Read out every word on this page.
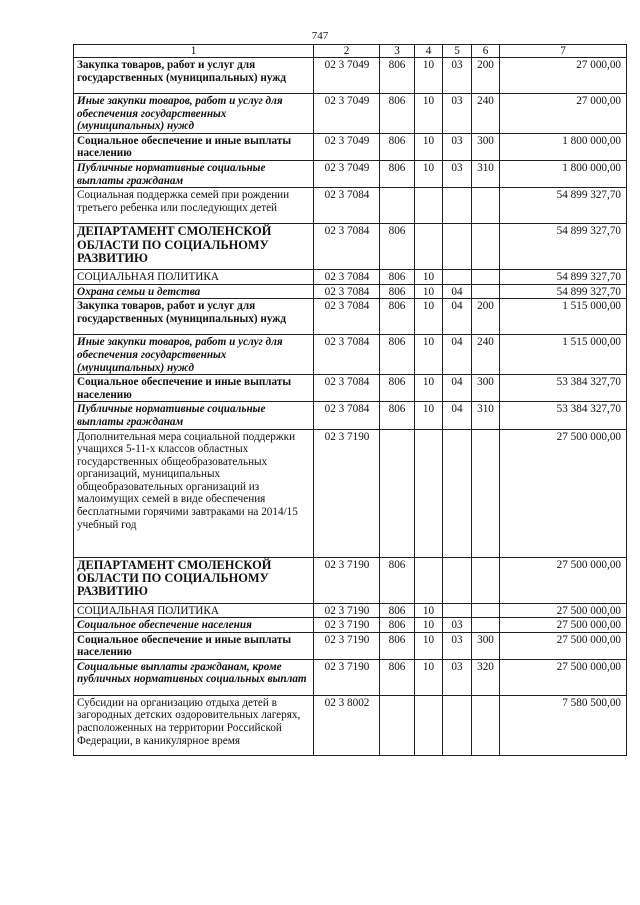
747
1	2	3	4	5	6	7
Закупка товаров, работ и услуг для государственных (муниципальных) нужд	02 3 7049	806	10	03	200	27 000,00
Иные закупки товаров, работ и услуг для обеспечения государственных (муниципальных) нужд	02 3 7049	806	10	03	240	27 000,00
Социальное обеспечение и иные выплаты населению	02 3 7049	806	10	03	300	1 800 000,00
Публичные нормативные социальные выплаты гражданам	02 3 7049	806	10	03	310	1 800 000,00
Социальная поддержка семей при рождении третьего ребенка или последующих детей	02 3 7084					54 899 327,70
ДЕПАРТАМЕНТ СМОЛЕНСКОЙ ОБЛАСТИ ПО СОЦИАЛЬНОМУ РАЗВИТИЮ	02 3 7084	806				54 899 327,70
СОЦИАЛЬНАЯ ПОЛИТИКА	02 3 7084	806	10			54 899 327,70
Охрана семьи и детства	02 3 7084	806	10	04		54 899 327,70
Закупка товаров, работ и услуг для государственных (муниципальных) нужд	02 3 7084	806	10	04	200	1 515 000,00
Иные закупки товаров, работ и услуг для обеспечения государственных (муниципальных) нужд	02 3 7084	806	10	04	240	1 515 000,00
Социальное обеспечение и иные выплаты населению	02 3 7084	806	10	04	300	53 384 327,70
Публичные нормативные социальные выплаты гражданам	02 3 7084	806	10	04	310	53 384 327,70
Дополнительная мера социальной поддержки учащихся 5-11-х классов областных государственных общеобразовательных организаций, муниципальных общеобразовательных организаций из малоимущих семей в виде обеспечения бесплатными горячими завтраками на 2014/15 учебный год	02 3 7190					27 500 000,00
ДЕПАРТАМЕНТ СМОЛЕНСКОЙ ОБЛАСТИ ПО СОЦИАЛЬНОМУ РАЗВИТИЮ	02 3 7190	806				27 500 000,00
СОЦИАЛЬНАЯ ПОЛИТИКА	02 3 7190	806	10			27 500 000,00
Социальное обеспечение населения	02 3 7190	806	10	03		27 500 000,00
Социальное обеспечение и иные выплаты населению	02 3 7190	806	10	03	300	27 500 000,00
Социальные выплаты гражданам, кроме публичных нормативных социальных выплат	02 3 7190	806	10	03	320	27 500 000,00
Субсидии на организацию отдыха детей в загородных детских оздоровительных лагерях, расположенных на территории Российской Федерации, в каникулярное время	02 3 8002					7 580 500,00
